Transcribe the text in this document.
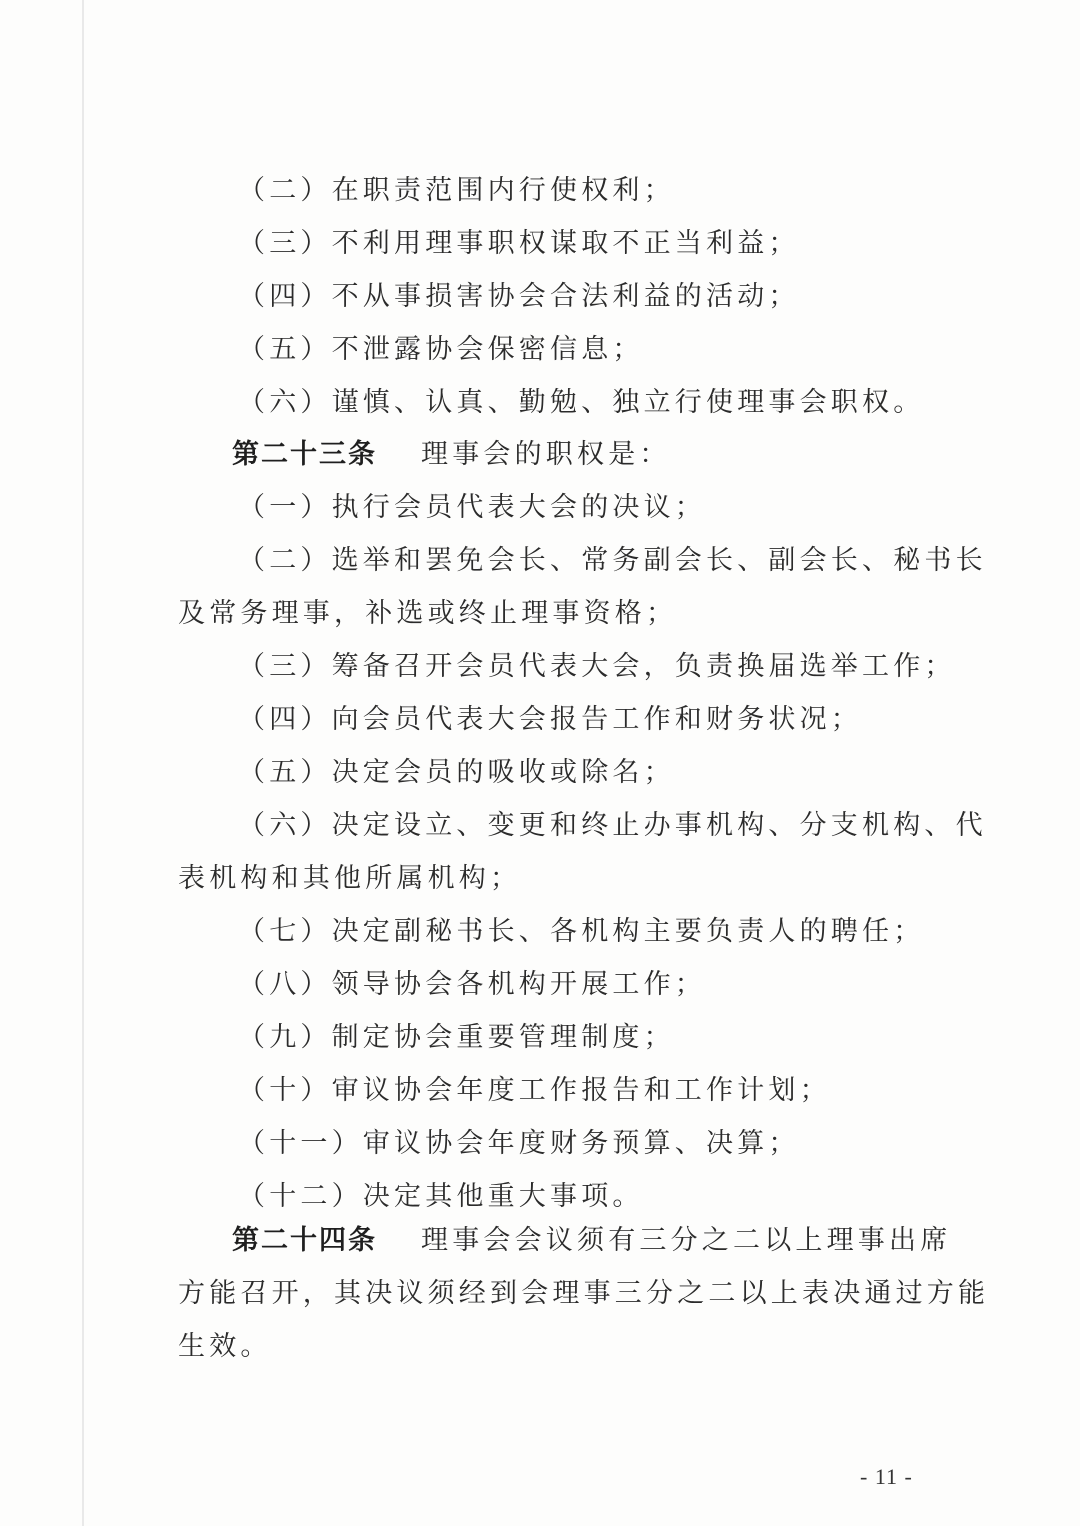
（二）在职责范围内行使权利；
（三）不利用理事职权谋取不正当利益；
（四）不从事损害协会合法利益的活动；
（五）不泄露协会保密信息；
（六）谨慎、认真、勤勉、独立行使理事会职权。
第二十三条 理事会的职权是：
（一）执行会员代表大会的决议；
（二）选举和罢免会长、常务副会长、副会长、秘书长
及常务理事，补选或终止理事资格；
（三）筹备召开会员代表大会，负责换届选举工作；
（四）向会员代表大会报告工作和财务状况；
（五）决定会员的吸收或除名；
（六）决定设立、变更和终止办事机构、分支机构、代
表机构和其他所属机构；
（七）决定副秘书长、各机构主要负责人的聘任；
（八）领导协会各机构开展工作；
（九）制定协会重要管理制度；
（十）审议协会年度工作报告和工作计划；
（十一）审议协会年度财务预算、决算；
（十二）决定其他重大事项。
第二十四条 理事会会议须有三分之二以上理事出席
方能召开，其决议须经到会理事三分之二以上表决通过方能
生效。
- 11 -
